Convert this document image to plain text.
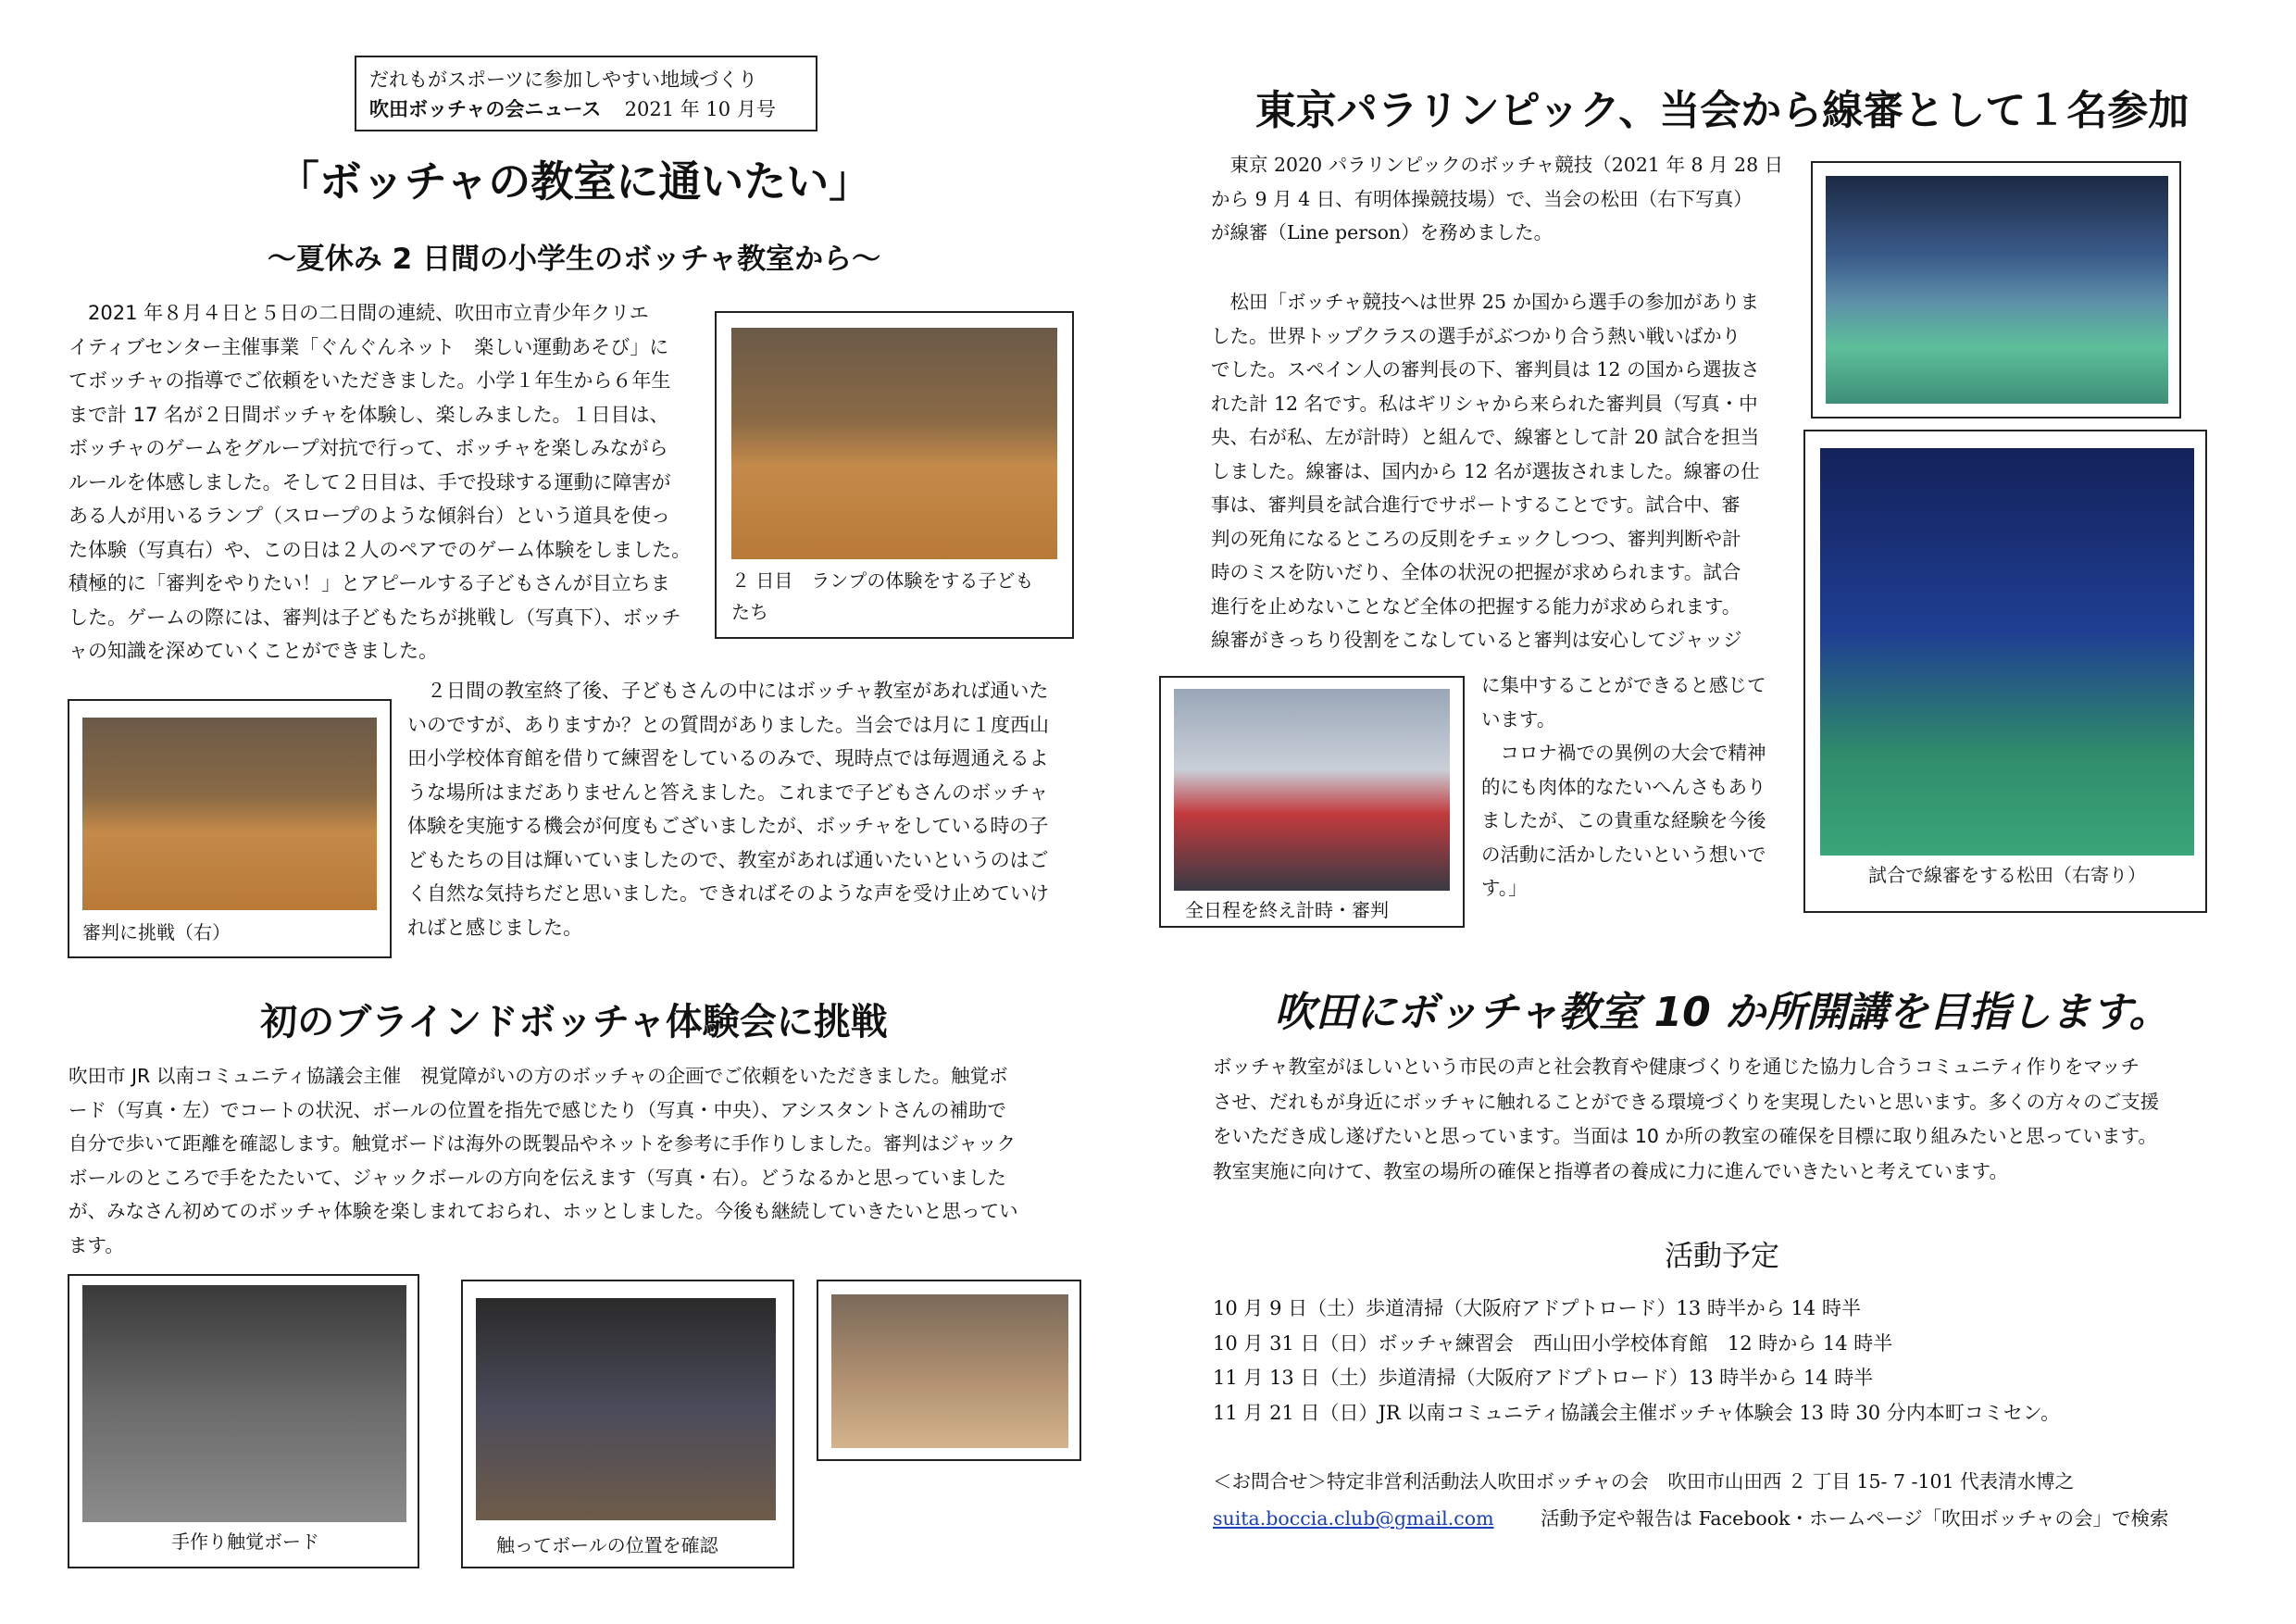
だれもがスポーツに参加しやすい地域づくり
吹田ボッチャの会ニュース 2021 年 10 月号
「ボッチャの教室に通いたい」
～夏休み 2 日間の小学生のボッチャ教室から～
　2021 年８月４日と５日の二日間の連続、吹田市立青少年クリエ
イティブセンター主催事業「ぐんぐんネット　楽しい運動あそび」に
てボッチャの指導でご依頼をいただきました。小学１年生から６年生
まで計 17 名が２日間ボッチャを体験し、楽しみました。１日目は、
ボッチャのゲームをグループ対抗で行って、ボッチャを楽しみながら
ルールを体感しました。そして２日目は、手で投球する運動に障害が
ある人が用いるランプ（スロープのような傾斜台）という道具を使っ
た体験（写真右）や、この日は２人のペアでのゲーム体験をしました。
積極的に「審判をやりたい！」とアピールする子どもさんが目立ちま
した。ゲームの際には、審判は子どもたちが挑戦し（写真下）、ボッチ
ャの知識を深めていくことができました。
２ 日目　ランプの体験をする子ども
たち
審判に挑戦（右）
　２日間の教室終了後、子どもさんの中にはボッチャ教室があれば通いた
いのですが、ありますか？との質問がありました。当会では月に１度西山
田小学校体育館を借りて練習をしているのみで、現時点では毎週通えるよ
うな場所はまだありませんと答えました。これまで子どもさんのボッチャ
体験を実施する機会が何度もございましたが、ボッチャをしている時の子
どもたちの目は輝いていましたので、教室があれば通いたいというのはご
く自然な気持ちだと思いました。できればそのような声を受け止めていけ
ればと感じました。
初のブラインドボッチャ体験会に挑戦
吹田市 JR 以南コミュニティ協議会主催　視覚障がいの方のボッチャの企画でご依頼をいただきました。触覚ボ
ード（写真・左）でコートの状況、ボールの位置を指先で感じたり（写真・中央）、アシスタントさんの補助で
自分で歩いて距離を確認します。触覚ボードは海外の既製品やネットを参考に手作りしました。審判はジャック
ボールのところで手をたたいて、ジャックボールの方向を伝えます（写真・右）。どうなるかと思っていました
が、みなさん初めてのボッチャ体験を楽しまれておられ、ホッとしました。今後も継続していきたいと思ってい
ます。
手作り触覚ボード	触ってボールの位置を確認
東京パラリンピック、当会から線審として１名参加
　東京 2020 パラリンピックのボッチャ競技（2021 年 8 月 28 日
から 9 月 4 日、有明体操競技場）で、当会の松田（右下写真）
が線審（Line person）を務めました。
　松田「ボッチャ競技へは世界 25 か国から選手の参加がありま
した。世界トップクラスの選手がぶつかり合う熱い戦いばかり
でした。スペイン人の審判長の下、審判員は 12 の国から選抜さ
れた計 12 名です。私はギリシャから来られた審判員（写真・中
央、右が私、左が計時）と組んで、線審として計 20 試合を担当
しました。線審は、国内から 12 名が選抜されました。線審の仕
事は、審判員を試合進行でサポートすることです。試合中、審
判の死角になるところの反則をチェックしつつ、審判判断や計
時のミスを防いだり、全体の状況の把握が求められます。試合
進行を止めないことなど全体の把握する能力が求められます。
線審がきっちり役割をこなしていると審判は安心してジャッジ
に集中することができると感じて
います。
　コロナ禍での異例の大会で精神
的にも肉体的なたいへんさもあり
ましたが、この貴重な経験を今後
の活動に活かしたいという想いで
す。」
試合で線審をする松田（右寄り）
全日程を終え計時・審判
吹田にボッチャ教室 10 か所開講を目指します。
ボッチャ教室がほしいという市民の声と社会教育や健康づくりを通じた協力し合うコミュニティ作りをマッチ
させ、だれもが身近にボッチャに触れることができる環境づくりを実現したいと思います。多くの方々のご支援
をいただき成し遂げたいと思っています。当面は 10 か所の教室の確保を目標に取り組みたいと思っています。
教室実施に向けて、教室の場所の確保と指導者の養成に力に進んでいきたいと考えています。
活動予定
10 月 9 日（土）歩道清掃（大阪府アドプトロード）13 時半から 14 時半
10 月 31 日（日）ボッチャ練習会　西山田小学校体育館　12 時から 14 時半
11 月 13 日（土）歩道清掃（大阪府アドプトロード）13 時半から 14 時半
11 月 21 日（日）JR 以南コミュニティ協議会主催ボッチャ体験会 13 時 30 分内本町コミセン。
＜お問合せ＞特定非営利活動法人吹田ボッチャの会　吹田市山田西 ２ 丁目 15- 7 -101 代表清水博之
suita.boccia.club@gmail.com 活動予定や報告は Facebook・ホームページ「吹田ボッチャの会」で検索
